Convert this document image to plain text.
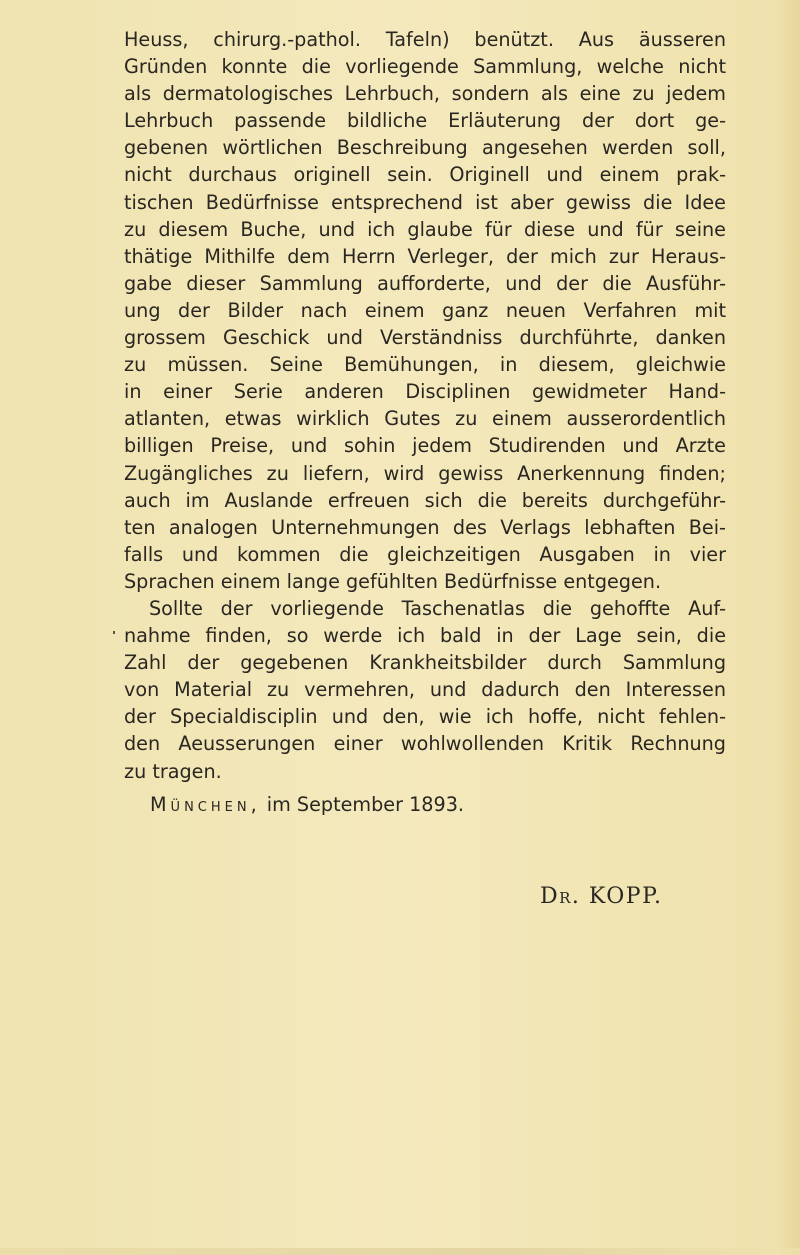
Heuss, chirurg.-pathol. Tafeln) benützt. Aus äusseren
Gründen konnte die vorliegende Sammlung, welche nicht
als dermatologisches Lehrbuch, sondern als eine zu jedem
Lehrbuch passende bildliche Erläuterung der dort ge-
gebenen wörtlichen Beschreibung angesehen werden soll,
nicht durchaus originell sein. Originell und einem prak-
tischen Bedürfnisse entsprechend ist aber gewiss die Idee
zu diesem Buche, und ich glaube für diese und für seine
thätige Mithilfe dem Herrn Verleger, der mich zur Heraus-
gabe dieser Sammlung aufforderte, und der die Ausführ-
ung der Bilder nach einem ganz neuen Verfahren mit
grossem Geschick und Verständniss durchführte, danken
zu müssen. Seine Bemühungen, in diesem, gleichwie
in einer Serie anderen Disciplinen gewidmeter Hand-
atlanten, etwas wirklich Gutes zu einem ausserordentlich
billigen Preise, und sohin jedem Studirenden und Arzte
Zugängliches zu liefern, wird gewiss Anerkennung finden;
auch im Auslande erfreuen sich die bereits durchgeführ-
ten analogen Unternehmungen des Verlags lebhaften Bei-
falls und kommen die gleichzeitigen Ausgaben in vier
Sprachen einem lange gefühlten Bedürfnisse entgegen.
Sollte der vorliegende Taschenatlas die gehoffte Auf-
nahme finden, so werde ich bald in der Lage sein, die
Zahl der gegebenen Krankheitsbilder durch Sammlung
von Material zu vermehren, und dadurch den Interessen
der Specialdisciplin und den, wie ich hoffe, nicht fehlen-
den Aeusserungen einer wohlwollenden Kritik Rechnung
zu tragen.
München, im September 1893.
Dr. KOPP.
